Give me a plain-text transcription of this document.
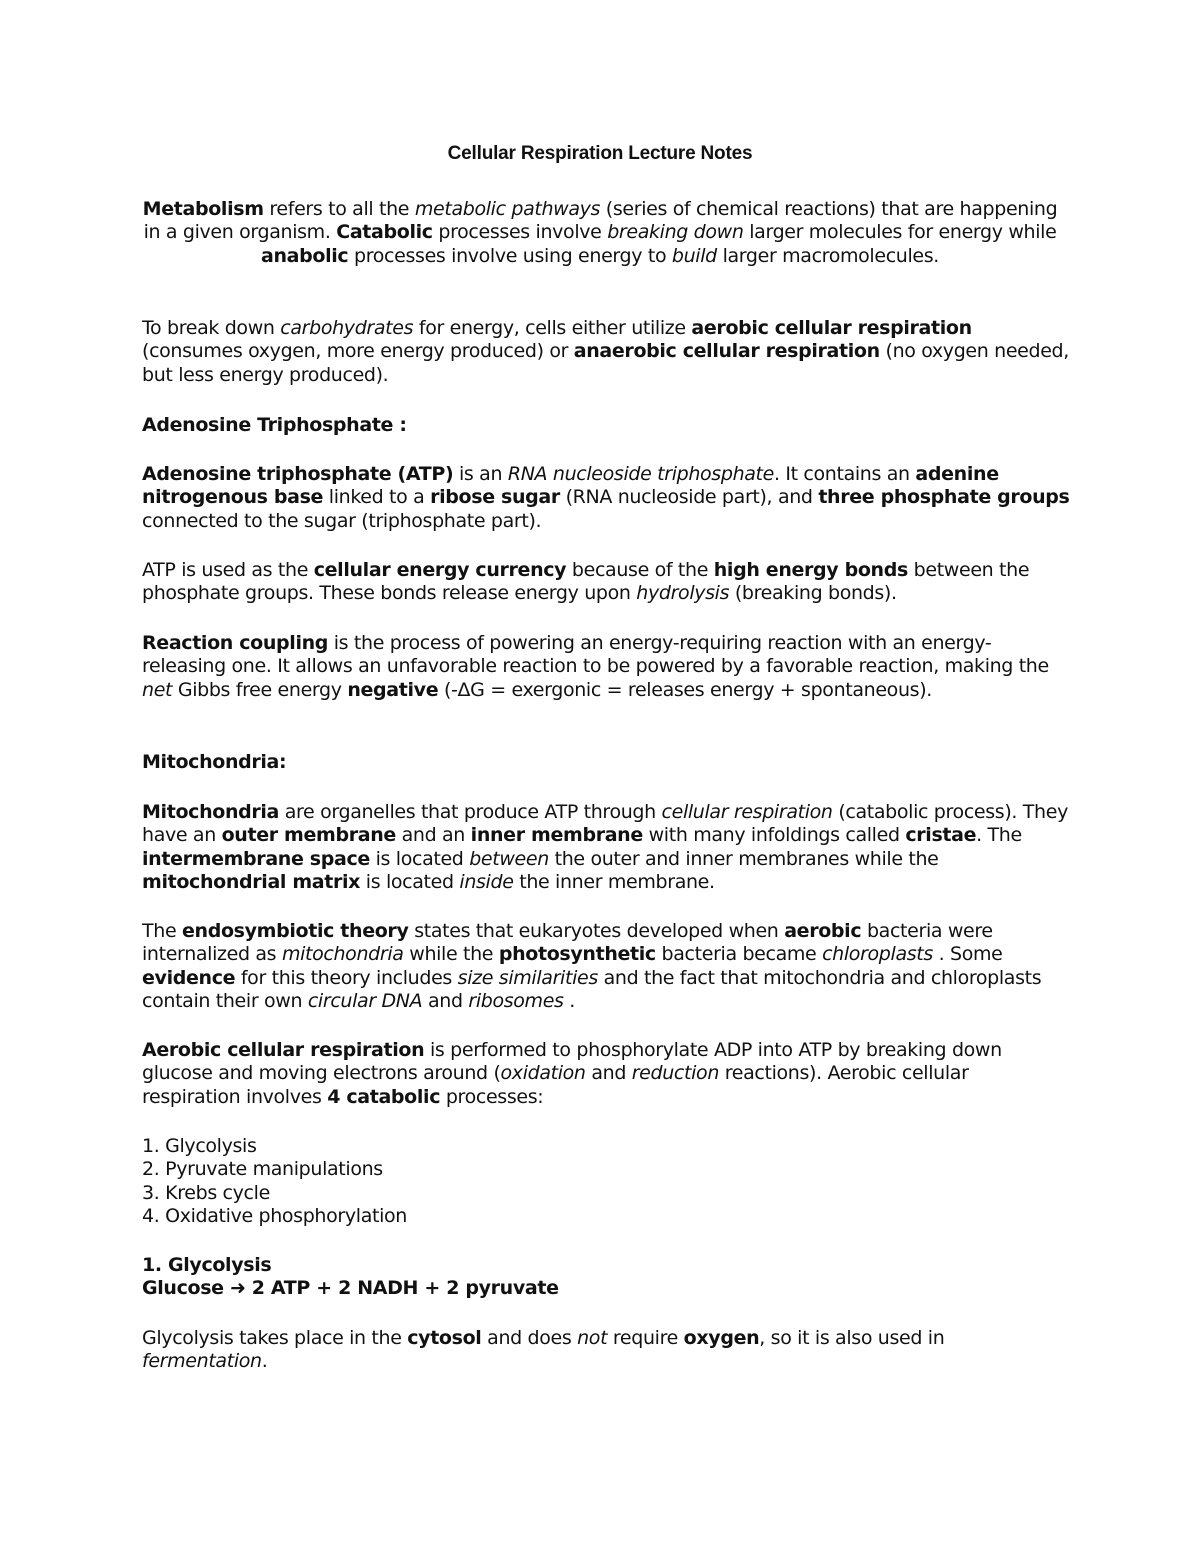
Cellular Respiration Lecture Notes

Metabolism refers to all the metabolic pathways (series of chemical reactions) that are happening in a given organism. Catabolic processes involve breaking down larger molecules for energy while anabolic processes involve using energy to build larger macromolecules.

To break down carbohydrates for energy, cells either utilize aerobic cellular respiration (consumes oxygen, more energy produced) or anaerobic cellular respiration (no oxygen needed, but less energy produced).

Adenosine Triphosphate :

Adenosine triphosphate (ATP) is an RNA nucleoside triphosphate. It contains an adenine nitrogenous base linked to a ribose sugar (RNA nucleoside part), and three phosphate groups connected to the sugar (triphosphate part).

ATP is used as the cellular energy currency because of the high energy bonds between the phosphate groups. These bonds release energy upon hydrolysis (breaking bonds).

Reaction coupling is the process of powering an energy-requiring reaction with an energy-releasing one. It allows an unfavorable reaction to be powered by a favorable reaction, making the net Gibbs free energy negative (-ΔG = exergonic = releases energy + spontaneous).

Mitochondria:

Mitochondria are organelles that produce ATP through cellular respiration (catabolic process). They have an outer membrane and an inner membrane with many infoldings called cristae. The intermembrane space is located between the outer and inner membranes while the mitochondrial matrix is located inside the inner membrane.

The endosymbiotic theory states that eukaryotes developed when aerobic bacteria were internalized as mitochondria while the photosynthetic bacteria became chloroplasts . Some evidence for this theory includes size similarities and the fact that mitochondria and chloroplasts contain their own circular DNA and ribosomes .

Aerobic cellular respiration is performed to phosphorylate ADP into ATP by breaking down glucose and moving electrons around (oxidation and reduction reactions). Aerobic cellular respiration involves 4 catabolic processes:

1. Glycolysis
2. Pyruvate manipulations
3. Krebs cycle
4. Oxidative phosphorylation
1. Glycolysis
Glucose ➜ 2 ATP + 2 NADH + 2 pyruvate

Glycolysis takes place in the cytosol and does not require oxygen, so it is also used in fermentation.
